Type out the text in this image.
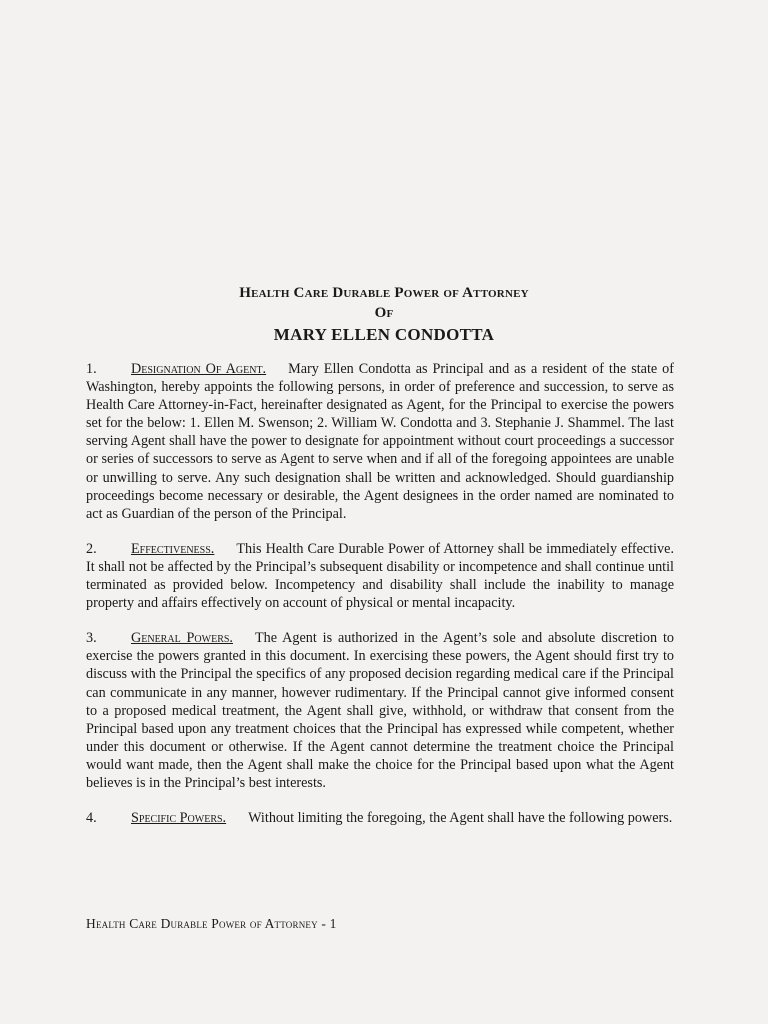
Health Care Durable Power of Attorney
Of
MARY ELLEN CONDOTTA

1. Designation Of Agent. Mary Ellen Condotta as Principal and as a resident of the state of Washington, hereby appoints the following persons, in order of preference and succession, to serve as Health Care Attorney-in-Fact, hereinafter designated as Agent, for the Principal to exercise the powers set for the below: 1. Ellen M. Swenson; 2. William W. Condotta and 3. Stephanie J. Shammel. The last serving Agent shall have the power to designate for appointment without court proceedings a successor or series of successors to serve as Agent to serve when and if all of the foregoing appointees are unable or unwilling to serve. Any such designation shall be written and acknowledged. Should guardianship proceedings become necessary or desirable, the Agent designees in the order named are nominated to act as Guardian of the person of the Principal.

2. Effectiveness. This Health Care Durable Power of Attorney shall be immediately effective. It shall not be affected by the Principal’s subsequent disability or incompetence and shall continue until terminated as provided below. Incompetency and disability shall include the inability to manage property and affairs effectively on account of physical or mental incapacity.

3. General Powers. The Agent is authorized in the Agent’s sole and absolute discretion to exercise the powers granted in this document. In exercising these powers, the Agent should first try to discuss with the Principal the specifics of any proposed decision regarding medical care if the Principal can communicate in any manner, however rudimentary. If the Principal cannot give informed consent to a proposed medical treatment, the Agent shall give, withhold, or withdraw that consent from the Principal based upon any treatment choices that the Principal has expressed while competent, whether under this document or otherwise. If the Agent cannot determine the treatment choice the Principal would want made, then the Agent shall make the choice for the Principal based upon what the Agent believes is in the Principal’s best interests.

4. Specific Powers. Without limiting the foregoing, the Agent shall have the following powers.

Health Care Durable Power of Attorney - 1
